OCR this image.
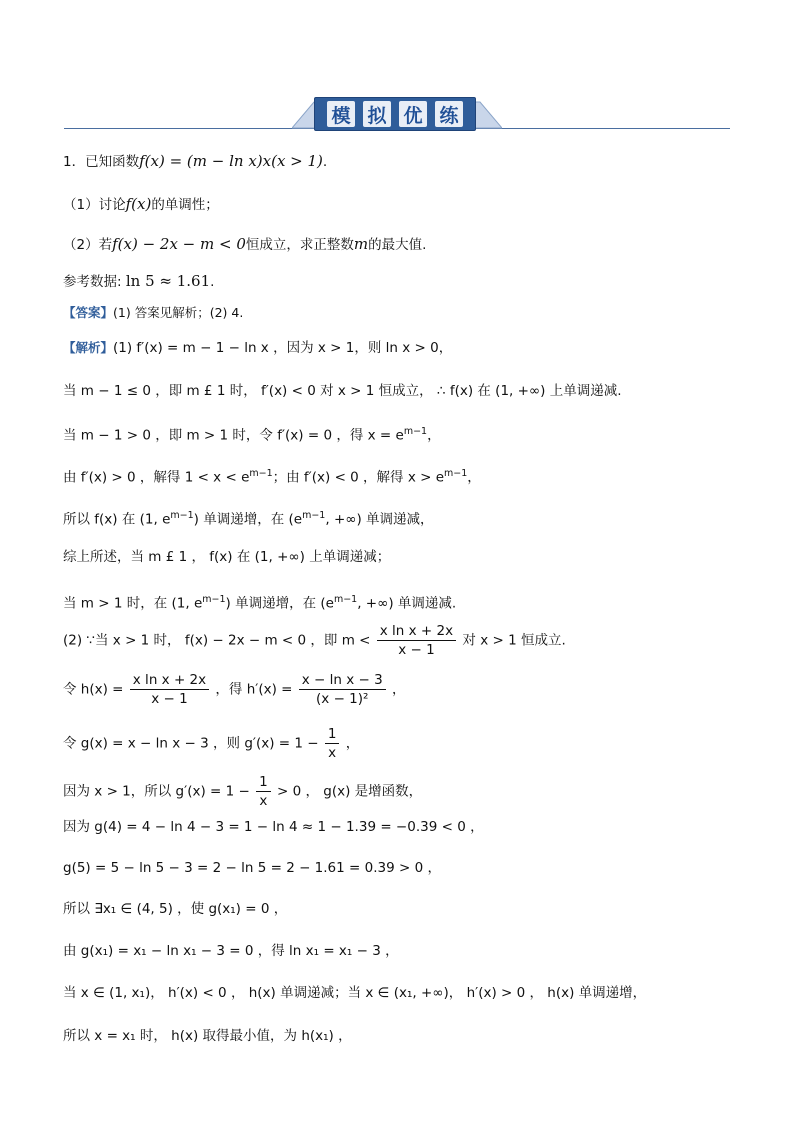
模 拟 优 练
1．已知函数f(x) = (m − ln x)x(x > 1).
（1）讨论f(x)的单调性；
（2）若f(x) − 2x − m < 0恒成立，求正整数m的最大值.
参考数据: ln 5 ≈ 1.61.
【答案】(1) 答案见解析；(2) 4.
【解析】(1) f′(x) = m − 1 − ln x ，因为 x > 1，则 ln x > 0，
当 m − 1 ≤ 0 ，即 m £ 1 时， f′(x) < 0 对 x > 1 恒成立， ∴ f(x) 在 (1, +∞) 上单调递减.
当 m − 1 > 0 ，即 m > 1 时，令 f′(x) = 0 ，得 $x = e^{m-1}$，
由 f′(x) > 0 ，解得 $1 < x < e^{m-1}$；由 f′(x) < 0 ，解得 $x > e^{m-1}$，
所以 f(x) 在 (1, $e^{m-1}$) 单调递增，在 ($e^{m-1}$, +∞) 单调递减，
综上所述，当 m £ 1 ， f(x) 在 (1, +∞) 上单调递减；
当 m > 1 时，在 (1, $e^{m-1}$) 单调递增，在 ($e^{m-1}$, +∞) 单调递减.
(2) ∵当 x > 1 时， f(x) − 2x − m < 0 ，即 $m < \frac{\text{x ln x + 2x}}{x - 1}$ 对 x > 1 恒成立.
令 $h(x) = \frac{\text{x ln x + 2x}}{x - 1}$ ，得 $h'(x) = \frac{\text{x − ln x − 3}}{\text{(x − 1)²}}$ ，
令 g(x) = x − ln x − 3 ，则 $g'(x) = 1 - \frac{1}{x}$ ，
因为 x > 1，所以 $g'(x) = 1 - \frac{1}{x} > 0$ ， g(x) 是增函数，
因为 g(4) = 4 − ln 4 − 3 = 1 − ln 4 ≈ 1 − 1.39 = −0.39 < 0 ，
g(5) = 5 − ln 5 − 3 = 2 − ln 5 = 2 − 1.61 = 0.39 > 0 ，
所以 ∃x₁ ∈ (4, 5) ，使 g(x₁) = 0 ，
由 g(x₁) = x₁ − ln x₁ − 3 = 0 ，得 ln x₁ = x₁ − 3 ，
当 x ∈ (1, x₁)， h′(x) < 0 ， h(x) 单调递减；当 x ∈ (x₁, +∞)， h′(x) > 0 ， h(x) 单调递增，
所以 x = x₁ 时， h(x) 取得最小值，为 h(x₁) ，
